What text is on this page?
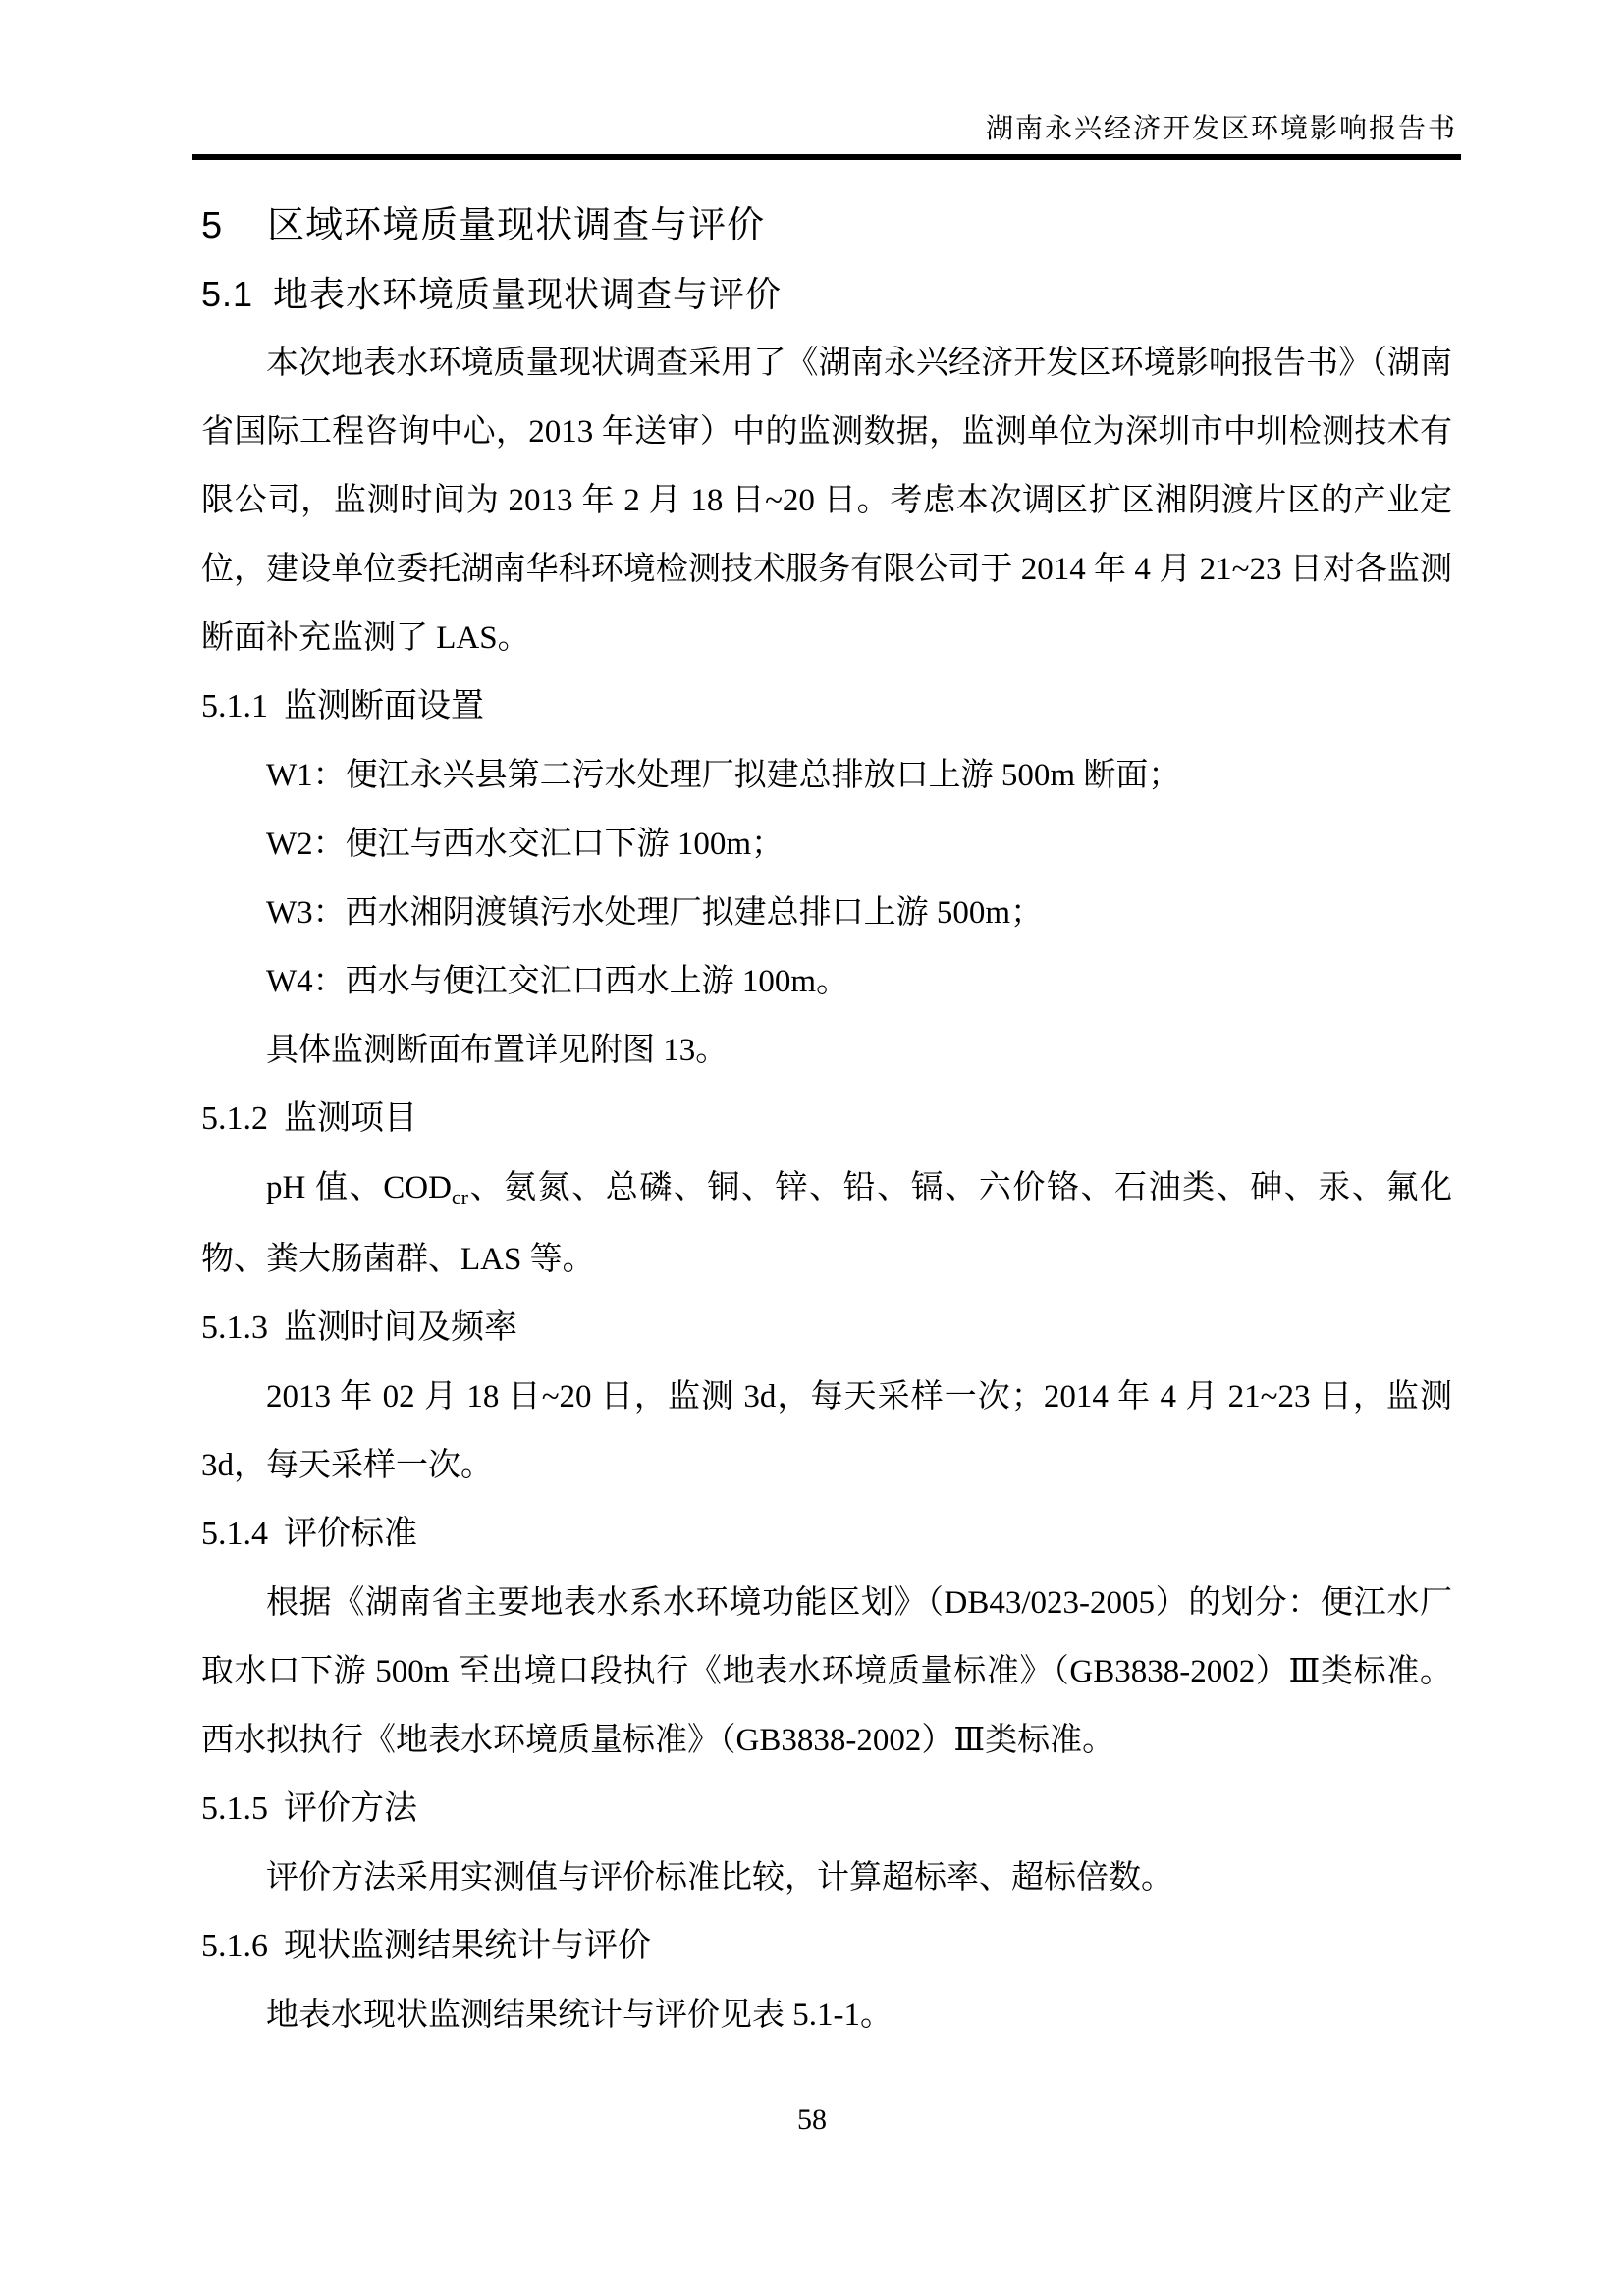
湖南永兴经济开发区环境影响报告书
5 区域环境质量现状调查与评价
5.1 地表水环境质量现状调查与评价

本次地表水环境质量现状调查采用了《湖南永兴经济开发区环境影响报告书》（湖南省国际工程咨询中心，2013 年送审）中的监测数据，监测单位为深圳市中圳检测技术有限公司，监测时间为 2013 年 2 月 18 日~20 日。考虑本次调区扩区湘阴渡片区的产业定位，建设单位委托湖南华科环境检测技术服务有限公司于 2014 年 4 月 21~23 日对各监测断面补充监测了 LAS。

5.1.1 监测断面设置

W1：便江永兴县第二污水处理厂拟建总排放口上游 500m 断面；

W2：便江与西水交汇口下游 100m；

W3：西水湘阴渡镇污水处理厂拟建总排口上游 500m；

W4：西水与便江交汇口西水上游 100m。

具体监测断面布置详见附图 13。

5.1.2 监测项目

pH 值、$COD_{cr}$、氨氮、总磷、铜、锌、铅、镉、六价铬、石油类、砷、汞、氟化物、粪大肠菌群、LAS 等。

5.1.3 监测时间及频率

2013 年 02 月 18 日~20 日，监测 3d，每天采样一次；2014 年 4 月 21~23 日，监测 3d，每天采样一次。

5.1.4 评价标准

根据《湖南省主要地表水系水环境功能区划》（DB43/023-2005）的划分：便江水厂取水口下游 500m 至出境口段执行《地表水环境质量标准》（GB3838-2002）Ⅲ类标准。西水拟执行《地表水环境质量标准》（GB3838-2002）Ⅲ类标准。

5.1.5 评价方法

评价方法采用实测值与评价标准比较，计算超标率、超标倍数。

5.1.6 现状监测结果统计与评价

地表水现状监测结果统计与评价见表 5.1-1。

58
